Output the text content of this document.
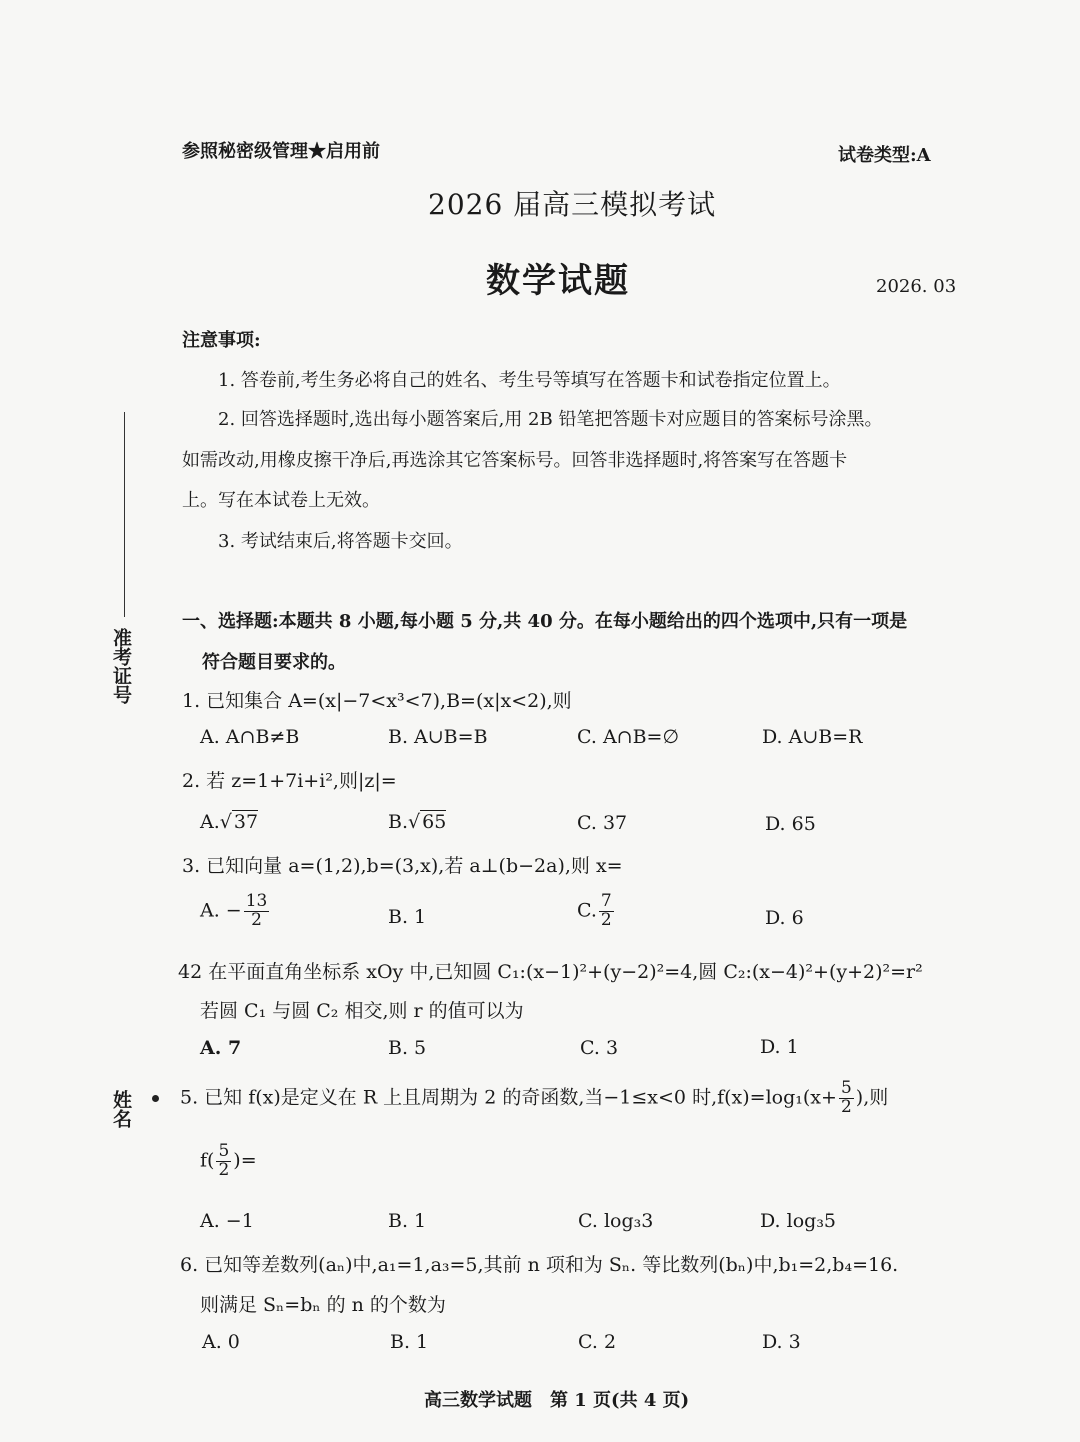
参照秘密级管理★启用前	试卷类型:A
2026 届高三模拟考试
数学试题	2026. 03
注意事项:
1. 答卷前,考生务必将自己的姓名、考生号等填写在答题卡和试卷指定位置上。
2. 回答选择题时,选出每小题答案后,用 2B 铅笔把答题卡对应题目的答案标号涂黑。
如需改动,用橡皮擦干净后,再选涂其它答案标号。回答非选择题时,将答案写在答题卡
上。写在本试卷上无效。
3. 考试结束后,将答题卡交回。
准考证号
姓名
一、选择题:本题共 8 小题,每小题 5 分,共 40 分。在每小题给出的四个选项中,只有一项是
符合题目要求的。
1. 已知集合 A=(x|−7<x³<7),B=(x|x<2),则
A. A∩B≠B	B. A∪B=B	C. A∩B=∅	D. A∪B=R
2. 若 z=1+7i+i²,则|z|=
A.√ 37	B.√ 65	C. 37	D. 65
3. 已知向量 a=(1,2),b=(3,x),若 a⊥(b−2a),则 x=
A. − $\frac{13}{2}$	B. 1	C. $\frac{7}{2}$	D. 6
42 在平面直角坐标系 xOy 中,已知圆 C₁:(x−1)²+(y−2)²=4,圆 C₂:(x−4)²+(y+2)²=r²
若圆 C₁ 与圆 C₂ 相交,则 r 的值可以为
A. 7	B. 5	C. 3	D. 1
5. 已知 f(x)是定义在 R 上且周期为 2 的奇函数,当−1≤x<0 时$,f(x)=\log_1(x+ \frac{5}{2}$ ),则
$f( \frac{5}{2}$ )=
A. −1	B. 1	C. log₃3	D. log₃5
6. 已知等差数列(aₙ)中,a₁=1,a₃=5,其前 n 项和为 Sₙ. 等比数列(bₙ)中,b₁=2,b₄=16.
则满足 Sₙ=bₙ 的 n 的个数为
A. 0	B. 1	C. 2	D. 3
高三数学试题　第 1 页(共 4 页)
